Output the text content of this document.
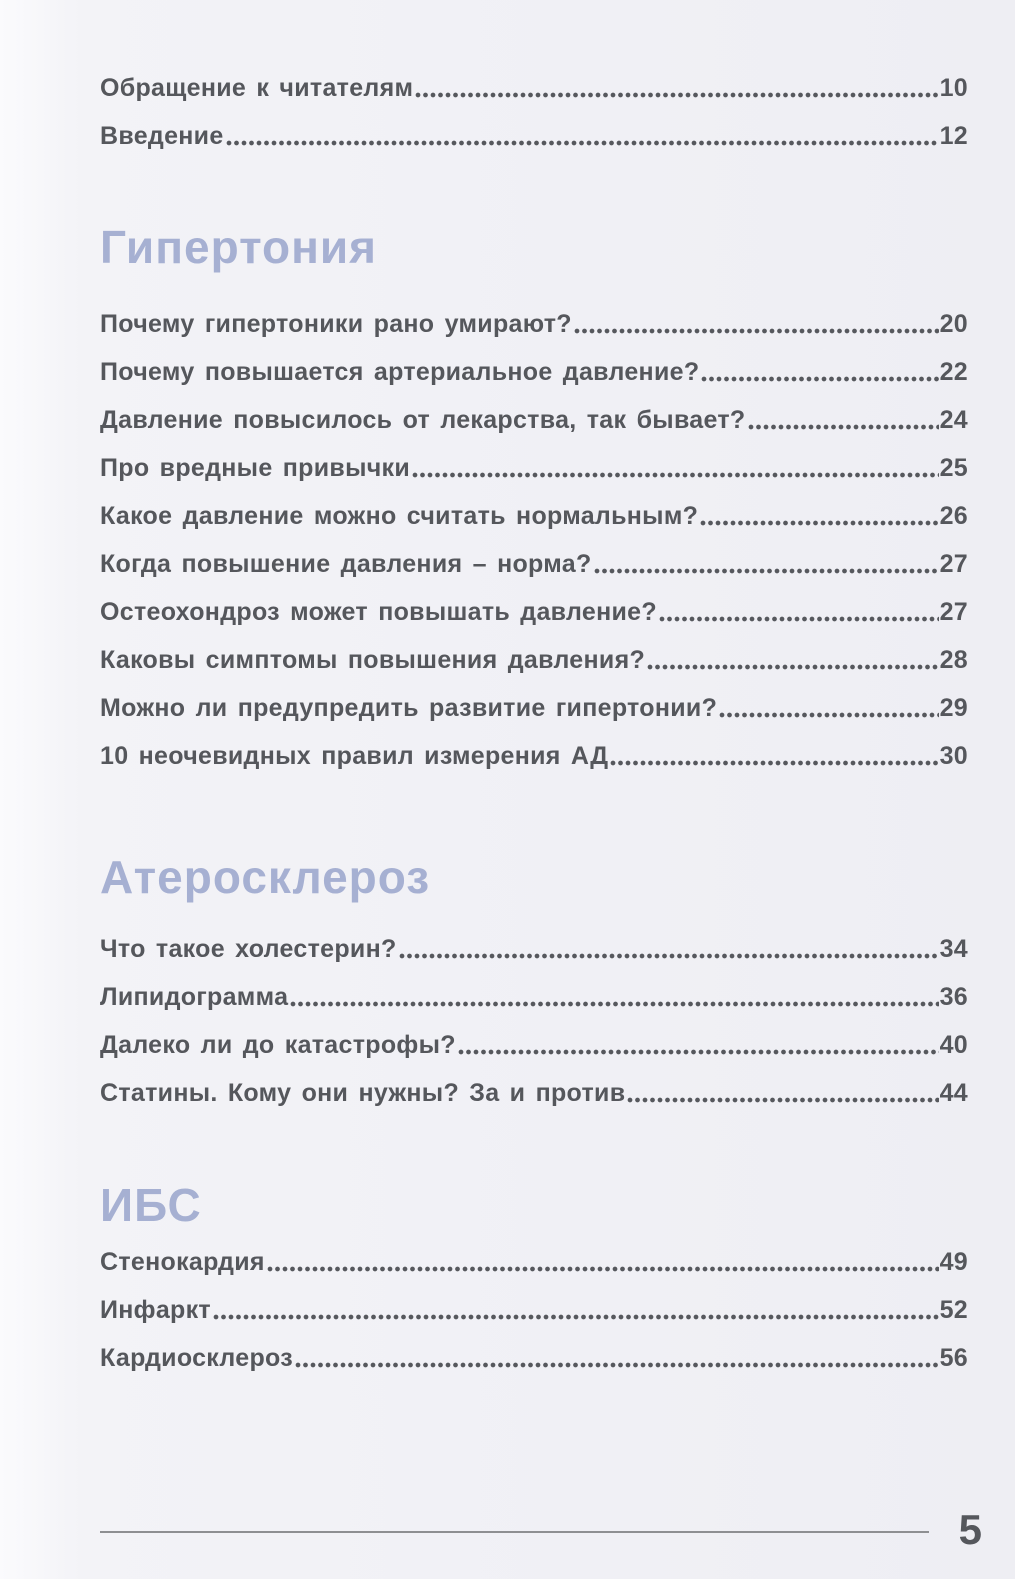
Обращение к читателям	10
Введение	12
Гипертония
Почему гипертоники рано умирают?	20
Почему повышается артериальное давление?	22
Давление повысилось от лекарства, так бывает?	24
Про вредные привычки	25
Какое давление можно считать нормальным?	26
Когда повышение давления – норма?	27
Остеохондроз может повышать давление?	27
Каковы симптомы повышения давления?	28
Можно ли предупредить развитие гипертонии?	29
10 неочевидных правил измерения АД	30
Атеросклероз
Что такое холестерин?	34
Липидограмма	36
Далеко ли до катастрофы?	40
Статины. Кому они нужны? За и против	44
ИБС
Стенокардия	49
Инфаркт	52
Кардиосклероз	56
5
